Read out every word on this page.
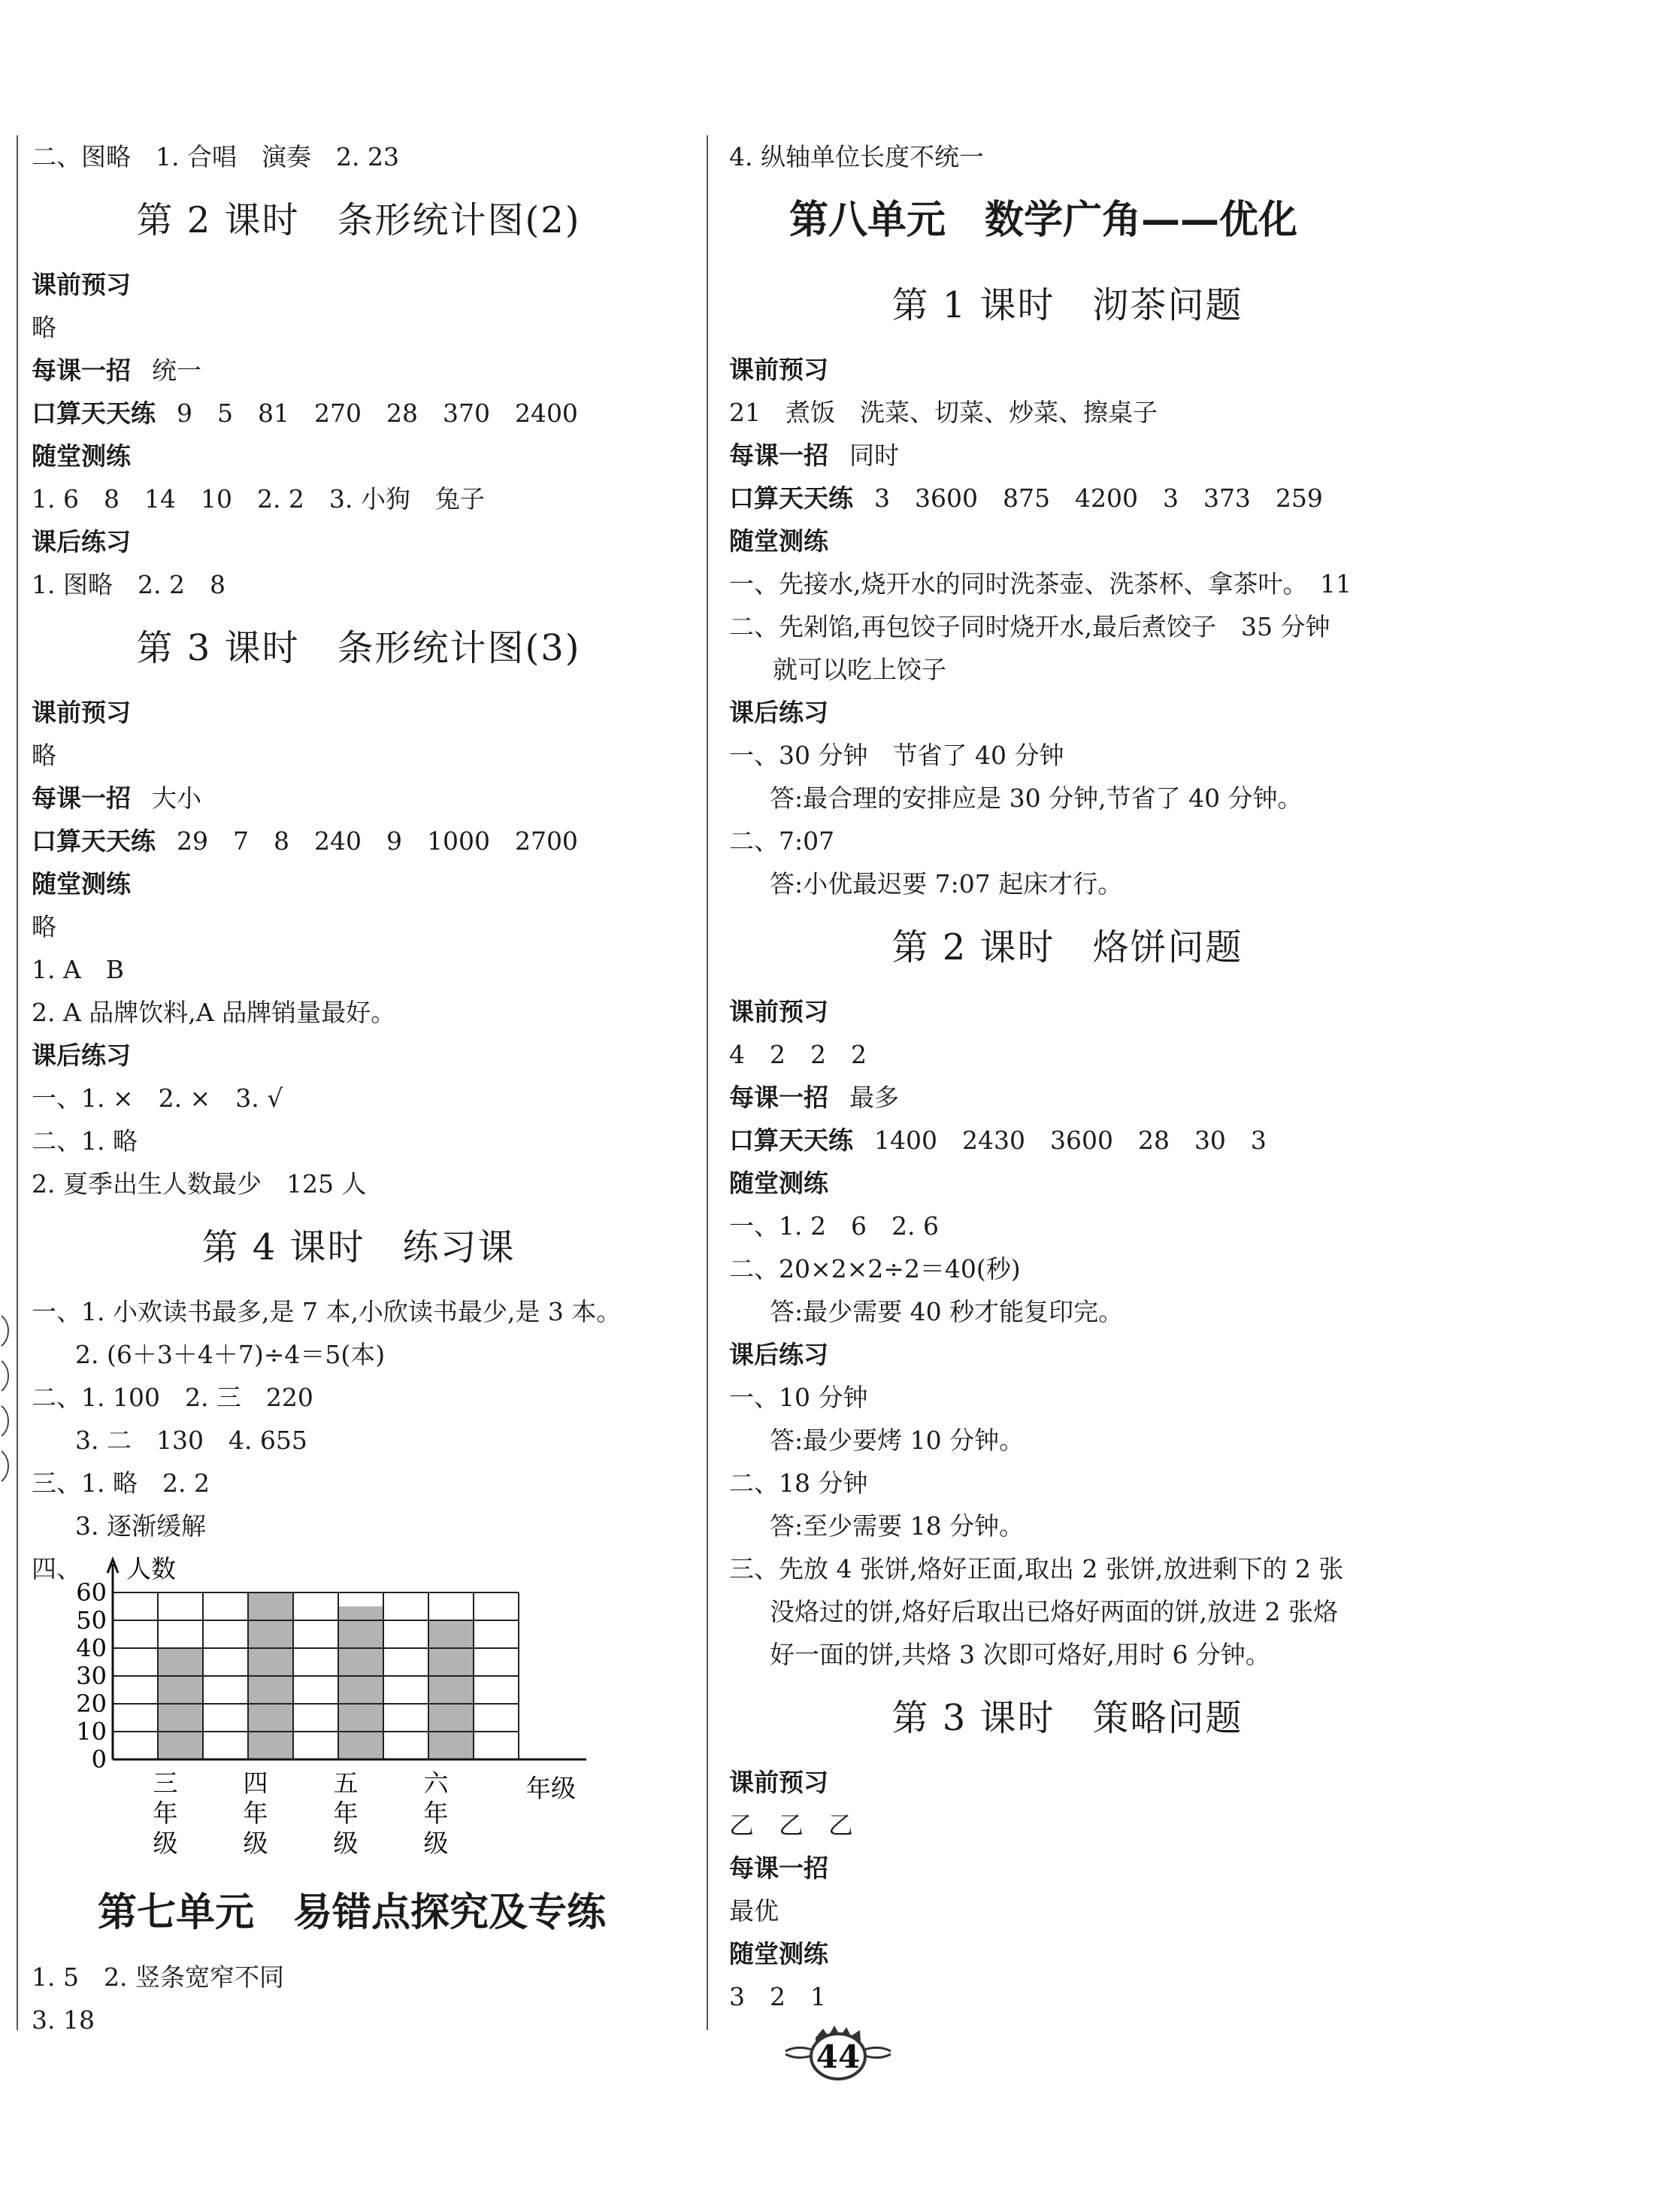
二、图略　1. 合唱　演奏　2. 23
第 2 课时　条形统计图(2)
课前预习
略
每课一招 统一
口算天天练 9　5　81　270　28　370　2400
随堂测练
1. 6　8　14　10　2. 2　3. 小狗　兔子
课后练习
1. 图略　2. 2　8
第 3 课时　条形统计图(3)
课前预习
略
每课一招 大小
口算天天练 29　7　8　240　9　1000　2700
随堂测练
略
1. A　B
2. A 品牌饮料,A 品牌销量最好。
课后练习
一、1. ×　2. ×　3. √
二、1. 略
2. 夏季出生人数最少　125 人
第 4 课时　练习课
一、1. 小欢读书最多,是 7 本,小欣读书最少,是 3 本。
2. (6＋3＋4＋7)÷4＝5(本)
二、1. 100　2. 三　220
3. 二　130　4. 655
三、1. 略　2. 2
3. 逐渐缓解
四、
0
10
20
30
40
50
60
人数
年级
三
年
级
四
年
级
五
年
级
六
年
级
第七单元　易错点探究及专练
1. 5　2. 竖条宽窄不同
3. 18
4. 纵轴单位长度不统一
第八单元　数学广角——优化
第 1 课时　沏茶问题
课前预习
21　煮饭　洗菜、切菜、炒菜、擦桌子
每课一招 同时
口算天天练 3　3600　875　4200　3　373　259
随堂测练
一、先接水,烧开水的同时洗茶壶、洗茶杯、拿茶叶。　11
二、先剁馅,再包饺子同时烧开水,最后煮饺子　35 分钟
就可以吃上饺子
课后练习
一、30 分钟　节省了 40 分钟
答:最合理的安排应是 30 分钟,节省了 40 分钟。
二、7:07
答:小优最迟要 7:07 起床才行。
第 2 课时　烙饼问题
课前预习
4　2　2　2
每课一招 最多
口算天天练 1400　2430　3600　28　30　3
随堂测练
一、1. 2　6　2. 6
二、20×2×2÷2＝40(秒)
答:最少需要 40 秒才能复印完。
课后练习
一、10 分钟
答:最少要烤 10 分钟。
二、18 分钟
答:至少需要 18 分钟。
三、先放 4 张饼,烙好正面,取出 2 张饼,放进剩下的 2 张
没烙过的饼,烙好后取出已烙好两面的饼,放进 2 张烙
好一面的饼,共烙 3 次即可烙好,用时 6 分钟。
第 3 课时　策略问题
课前预习
乙　乙　乙
每课一招
最优
随堂测练
3　2　1
44
